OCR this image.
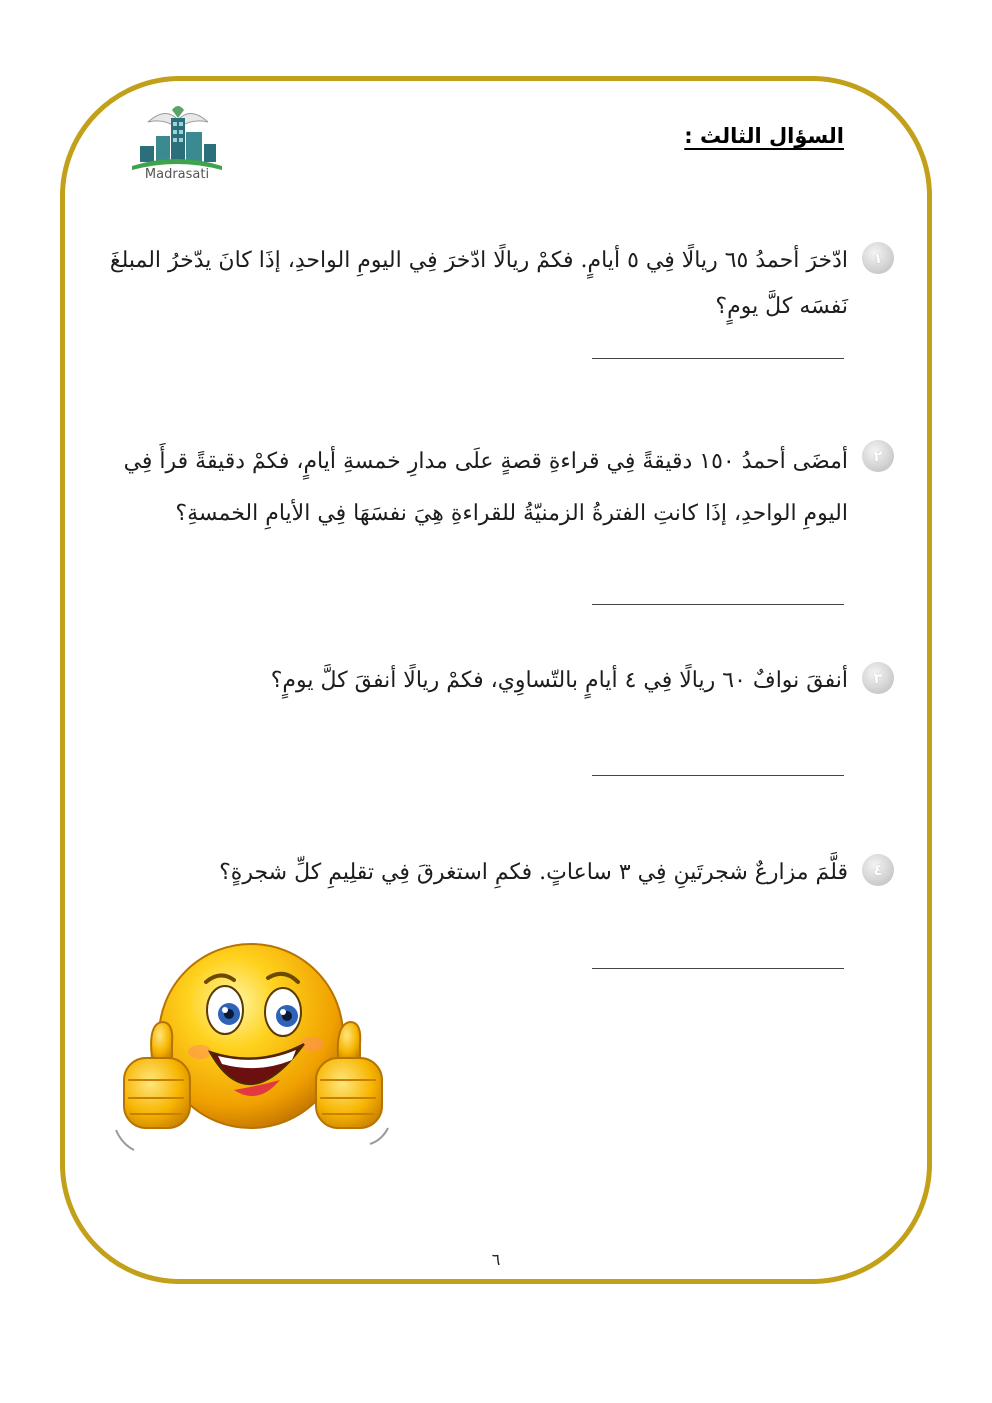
Madrasati
السؤال الثالث :
١
ادّخرَ أحمدُ ٦٥ ريالًا فِي ٥ أيامٍ. فكمْ ريالًا ادّخرَ فِي اليومِ الواحدِ، إذَا كانَ يدّخرُ المبلغَ نَفسَه كلَّ يومٍ؟
٢
أمضَى أحمدُ ١٥٠ دقيقةً فِي قراءةِ قصةٍ علَى مدارِ خمسةِ أيامٍ، فكمْ دقيقةً قرأَ فِي اليومِ الواحدِ، إذَا كانتِ الفترةُ الزمنيّةُ للقراءةِ هِيَ نفسَهَا فِي الأيامِ الخمسةِ؟
٣
أنفقَ نوافٌ ٦٠ ريالًا فِي ٤ أيامٍ بالتّساوِي، فكمْ ريالًا أنفقَ كلَّ يومٍ؟
٤
قلَّمَ مزارعٌ شجرتَينِ فِي ٣ ساعاتٍ. فكمِ استغرقَ فِي تقلِيمِ كلِّ شجرةٍ؟
٦
